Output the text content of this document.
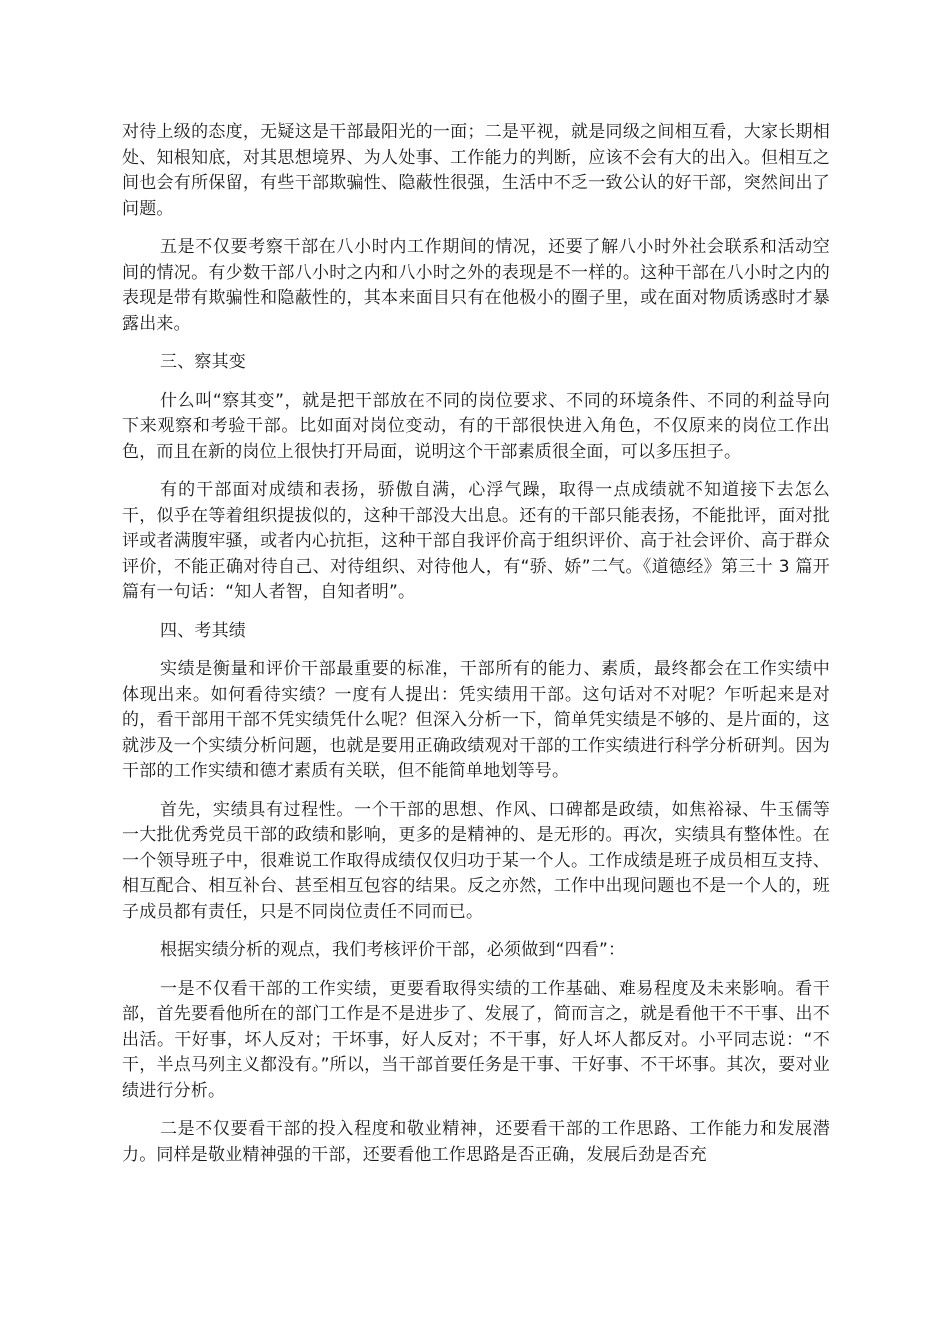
对待上级的态度，无疑这是干部最阳光的一面；二是平视，就是同级之间相互看，大家长期相处、知根知底，对其思想境界、为人处事、工作能力的判断，应该不会有大的出入。但相互之间也会有所保留，有些干部欺骗性、隐蔽性很强，生活中不乏一致公认的好干部，突然间出了问题。

五是不仅要考察干部在八小时内工作期间的情况，还要了解八小时外社会联系和活动空间的情况。有少数干部八小时之内和八小时之外的表现是不一样的。这种干部在八小时之内的表现是带有欺骗性和隐蔽性的，其本来面目只有在他极小的圈子里，或在面对物质诱惑时才暴露出来。

三、察其变

什么叫“察其变”，就是把干部放在不同的岗位要求、不同的环境条件、不同的利益导向下来观察和考验干部。比如面对岗位变动，有的干部很快进入角色，不仅原来的岗位工作出色，而且在新的岗位上很快打开局面，说明这个干部素质很全面，可以多压担子。

有的干部面对成绩和表扬，骄傲自满，心浮气躁，取得一点成绩就不知道接下去怎么干，似乎在等着组织提拔似的，这种干部没大出息。还有的干部只能表扬，不能批评，面对批评或者满腹牢骚，或者内心抗拒，这种干部自我评价高于组织评价、高于社会评价、高于群众评价，不能正确对待自己、对待组织、对待他人，有“骄、娇”二气。《道德经》第三十 3 篇开篇有一句话：“知人者智，自知者明”。

四、考其绩

实绩是衡量和评价干部最重要的标准，干部所有的能力、素质，最终都会在工作实绩中体现出来。如何看待实绩？一度有人提出：凭实绩用干部。这句话对不对呢？乍听起来是对的，看干部用干部不凭实绩凭什么呢？但深入分析一下，简单凭实绩是不够的、是片面的，这就涉及一个实绩分析问题，也就是要用正确政绩观对干部的工作实绩进行科学分析研判。因为干部的工作实绩和德才素质有关联，但不能简单地划等号。

首先，实绩具有过程性。一个干部的思想、作风、口碑都是政绩，如焦裕禄、牛玉儒等一大批优秀党员干部的政绩和影响，更多的是精神的、是无形的。再次，实绩具有整体性。在一个领导班子中，很难说工作取得成绩仅仅归功于某一个人。工作成绩是班子成员相互支持、相互配合、相互补台、甚至相互包容的结果。反之亦然，工作中出现问题也不是一个人的，班子成员都有责任，只是不同岗位责任不同而已。

根据实绩分析的观点，我们考核评价干部，必须做到“四看”：

一是不仅看干部的工作实绩，更要看取得实绩的工作基础、难易程度及未来影响。看干部，首先要看他所在的部门工作是不是进步了、发展了，简而言之，就是看他干不干事、出不出活。干好事，坏人反对；干坏事，好人反对；不干事，好人坏人都反对。小平同志说：“不干，半点马列主义都没有。”所以，当干部首要任务是干事、干好事、不干坏事。其次，要对业绩进行分析。

二是不仅要看干部的投入程度和敬业精神，还要看干部的工作思路、工作能力和发展潜力。同样是敬业精神强的干部，还要看他工作思路是否正确，发展后劲是否充
